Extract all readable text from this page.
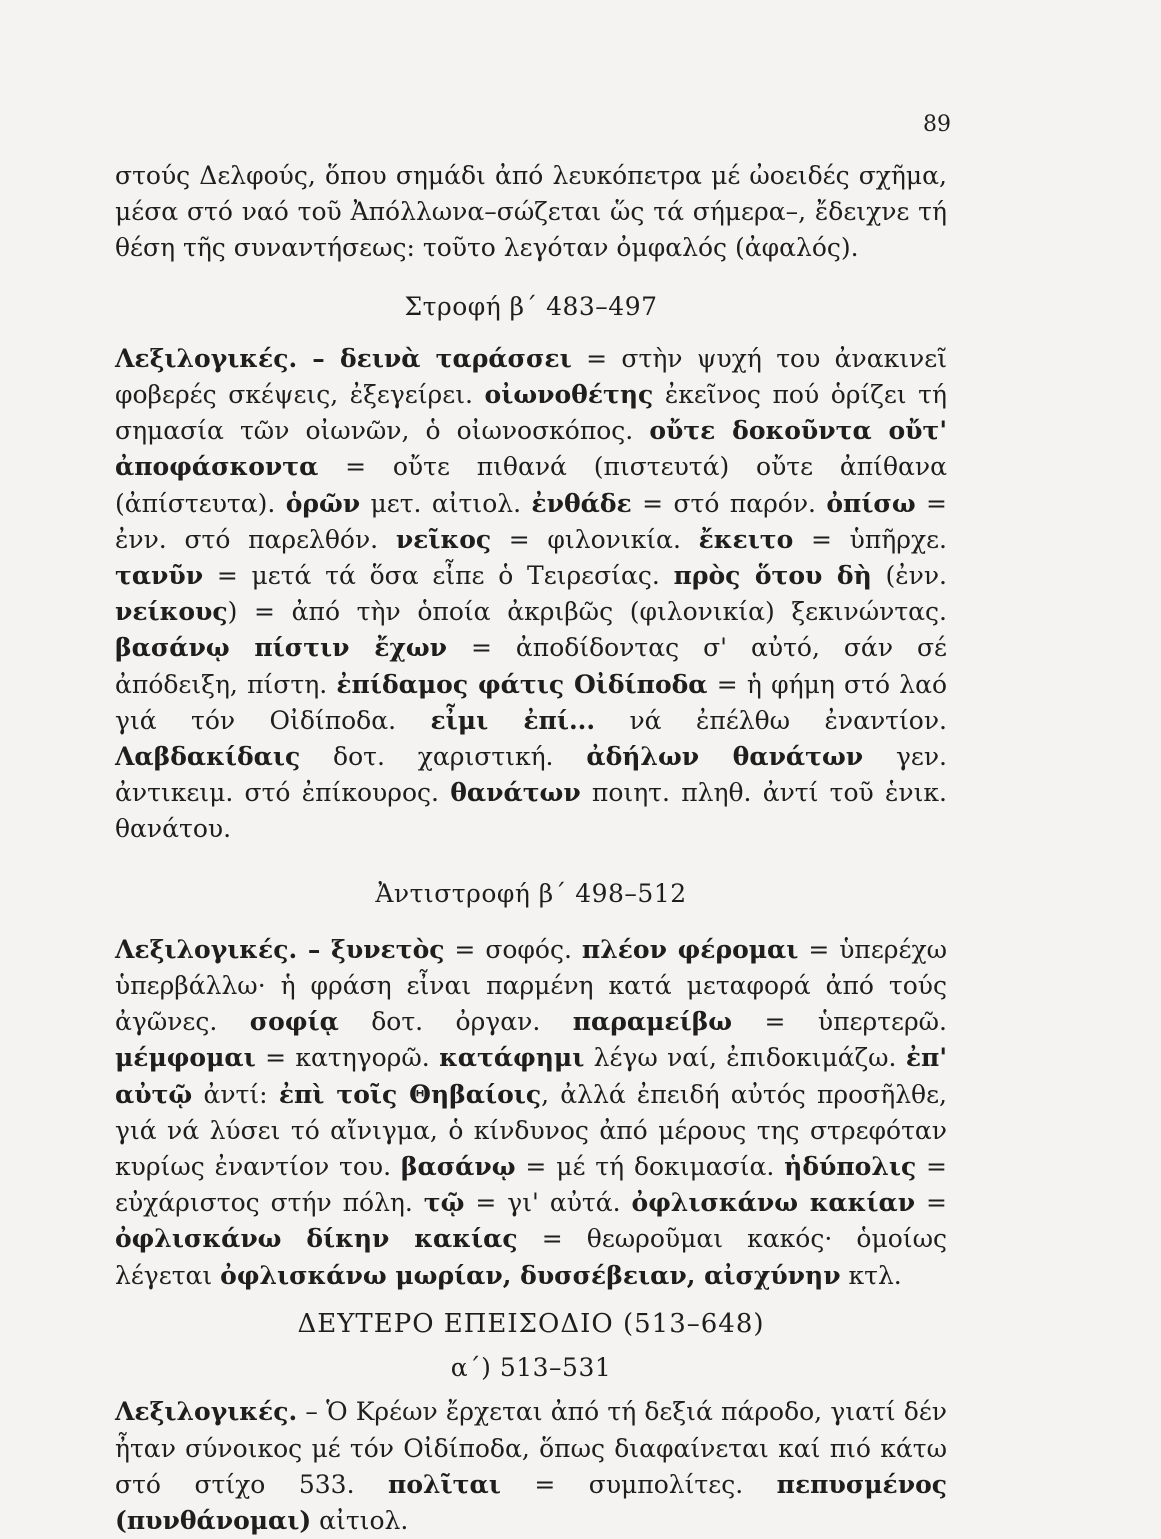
89

στούς Δελφούς, ὅπου σημάδι ἀπό λευκόπετρα μέ ὠοειδές σχῆμα, μέσα στό ναό τοῦ Ἀπόλλωνα–σώζεται ὥς τά σήμερα–, ἔδειχνε τή θέση τῆς συναντήσεως: τοῦτο λεγόταν ὀμφαλός (ἀφαλός).

Στροφή β΄ 483–497

Λεξιλογικές. – δεινὰ ταράσσει = στὴν ψυχή του ἀνακινεῖ φοβερές σκέψεις, ἐξεγείρει. οἰωνοθέτης ἐκεῖνος πού ὁρίζει τή σημασία τῶν οἰωνῶν, ὁ οἰωνοσκόπος. οὔτε δοκοῦντα οὔτ' ἀποφάσκοντα = οὔτε πιθανά (πιστευτά) οὔτε ἀπίθανα (ἀπίστευτα). ὁρῶν μετ. αἰτιολ. ἐνθάδε = στό παρόν. ὀπίσω = ἐνν. στό παρελθόν. νεῖκος = φιλονικία. ἔκειτο = ὑπῆρχε. τανῦν = μετά τά ὅσα εἶπε ὁ Τειρεσίας. πρὸς ὅτου δὴ (ἐνν. νείκους) = ἀπό τὴν ὁποία ἀκριβῶς (φιλονικία) ξεκινώντας. βασάνῳ πίστιν ἔχων = ἀποδίδοντας σ' αὐτό, σάν σέ ἀπόδειξη, πίστη. ἐπίδαμος φάτις Οἰδίποδα = ἡ φήμη στό λαό γιά τόν Οἰδίποδα. εἶμι ἐπί... νά ἐπέλθω ἐναντίον. Λαβδακίδαις δοτ. χαριστική. ἀδήλων θανάτων γεν. ἀντικειμ. στό ἐπίκουρος. θανάτων ποιητ. πληθ. ἀντί τοῦ ἑνικ. θανάτου.

Ἀντιστροφή β΄ 498–512

Λεξιλογικές. – ξυνετὸς = σοφός. πλέον φέρομαι = ὑπερέχω ὑπερβάλλω· ἡ φράση εἶναι παρμένη κατά μεταφορά ἀπό τούς ἀγῶνες. σοφίᾳ δοτ. ὀργαν. παραμείβω = ὑπερτερῶ. μέμφομαι = κατηγορῶ. κατάφημι λέγω ναί, ἐπιδοκιμάζω. ἐπ' αὐτῷ ἀντί: ἐπὶ τοῖς Θηβαίοις, ἀλλά ἐπειδή αὐτός προσῆλθε, γιά νά λύσει τό αἴνιγμα, ὁ κίνδυνος ἀπό μέρους της στρεφόταν κυρίως ἐναντίον του. βασάνῳ = μέ τή δοκιμασία. ἡδύπολις = εὐχάριστος στήν πόλη. τῷ = γι' αὐτά. ὀφλισκάνω κακίαν = ὀφλισκάνω δίκην κακίας = θεωροῦμαι κακός· ὁμοίως λέγεται ὀφλισκάνω μωρίαν, δυσσέβειαν, αἰσχύνην κτλ.

ΔΕΥΤΕΡΟ ΕΠΕΙΣΟΔΙΟ (513–648)

α΄) 513–531

Λεξιλογικές. – Ὁ Κρέων ἔρχεται ἀπό τή δεξιά πάροδο, γιατί δέν ἦταν σύνοικος μέ τόν Οἰδίποδα, ὅπως διαφαίνεται καί πιό κάτω στό στίχο 533. πολῖται = συμπολίτες. πεπυσμένος (πυνθάνομαι) αἰτιολ.
